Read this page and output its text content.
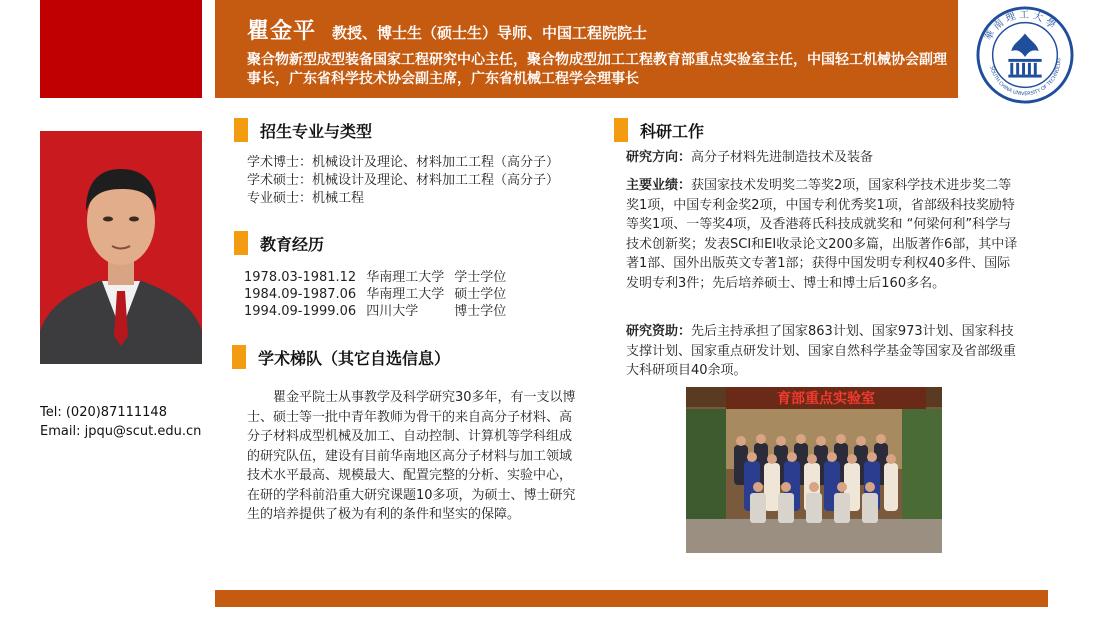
瞿金平 教授、博士生（硕士生）导师、中国工程院院士
聚合物新型成型装备国家工程研究中心主任，聚合物成型加工工程教育部重点实验室主任，中国轻工机械协会副理事长，广东省科学技术协会副主席，广东省机械工程学会理事长
華 南 理 工 大 學
SOUTH CHINA UNIVERSITY OF TECHNOLOG
Tel: (020)87111148
Email: jpqu@scut.edu.cn
招生专业与类型
学术博士：机械设计及理论、材料加工工程（高分子）
学术硕士：机械设计及理论、材料加工工程（高分子）
专业硕士：机械工程
教育经历
1978.03-1981.12	华南理工大学	学士学位
1984.09-1987.06	华南理工大学	硕士学位
1994.09-1999.06	四川大学	博士学位
学术梯队（其它自选信息）
瞿金平院士从事教学及科学研究30多年，有一支以博士、硕士等一批中青年教师为骨干的来自高分子材料、高分子材料成型机械及加工、自动控制、计算机等学科组成的研究队伍，建设有目前华南地区高分子材料与加工领域技术水平最高、规模最大、配置完整的分析、实验中心，在研的学科前沿重大研究课题10多项，为硕士、博士研究生的培养提供了极为有利的条件和坚实的保障。
科研工作
研究方向：高分子材料先进制造技术及装备
主要业绩：获国家技术发明奖二等奖2项，国家科学技术进步奖二等奖1项，中国专利金奖2项，中国专利优秀奖1项，省部级科技奖励特等奖1项、一等奖4项，及香港蒋氏科技成就奖和 “何梁何利”科学与技术创新奖；发表SCI和EI收录论文200多篇，出版著作6部，其中译著1部、国外出版英文专著1部；获得中国发明专利权40多件、国际发明专利3件；先后培养硕士、博士和博士后160多名。
研究资助：先后主持承担了国家863计划、国家973计划、国家科技支撑计划、国家重点研发计划、国家自然科学基金等国家及省部级重大科研项目40余项。
育部重点实验室
